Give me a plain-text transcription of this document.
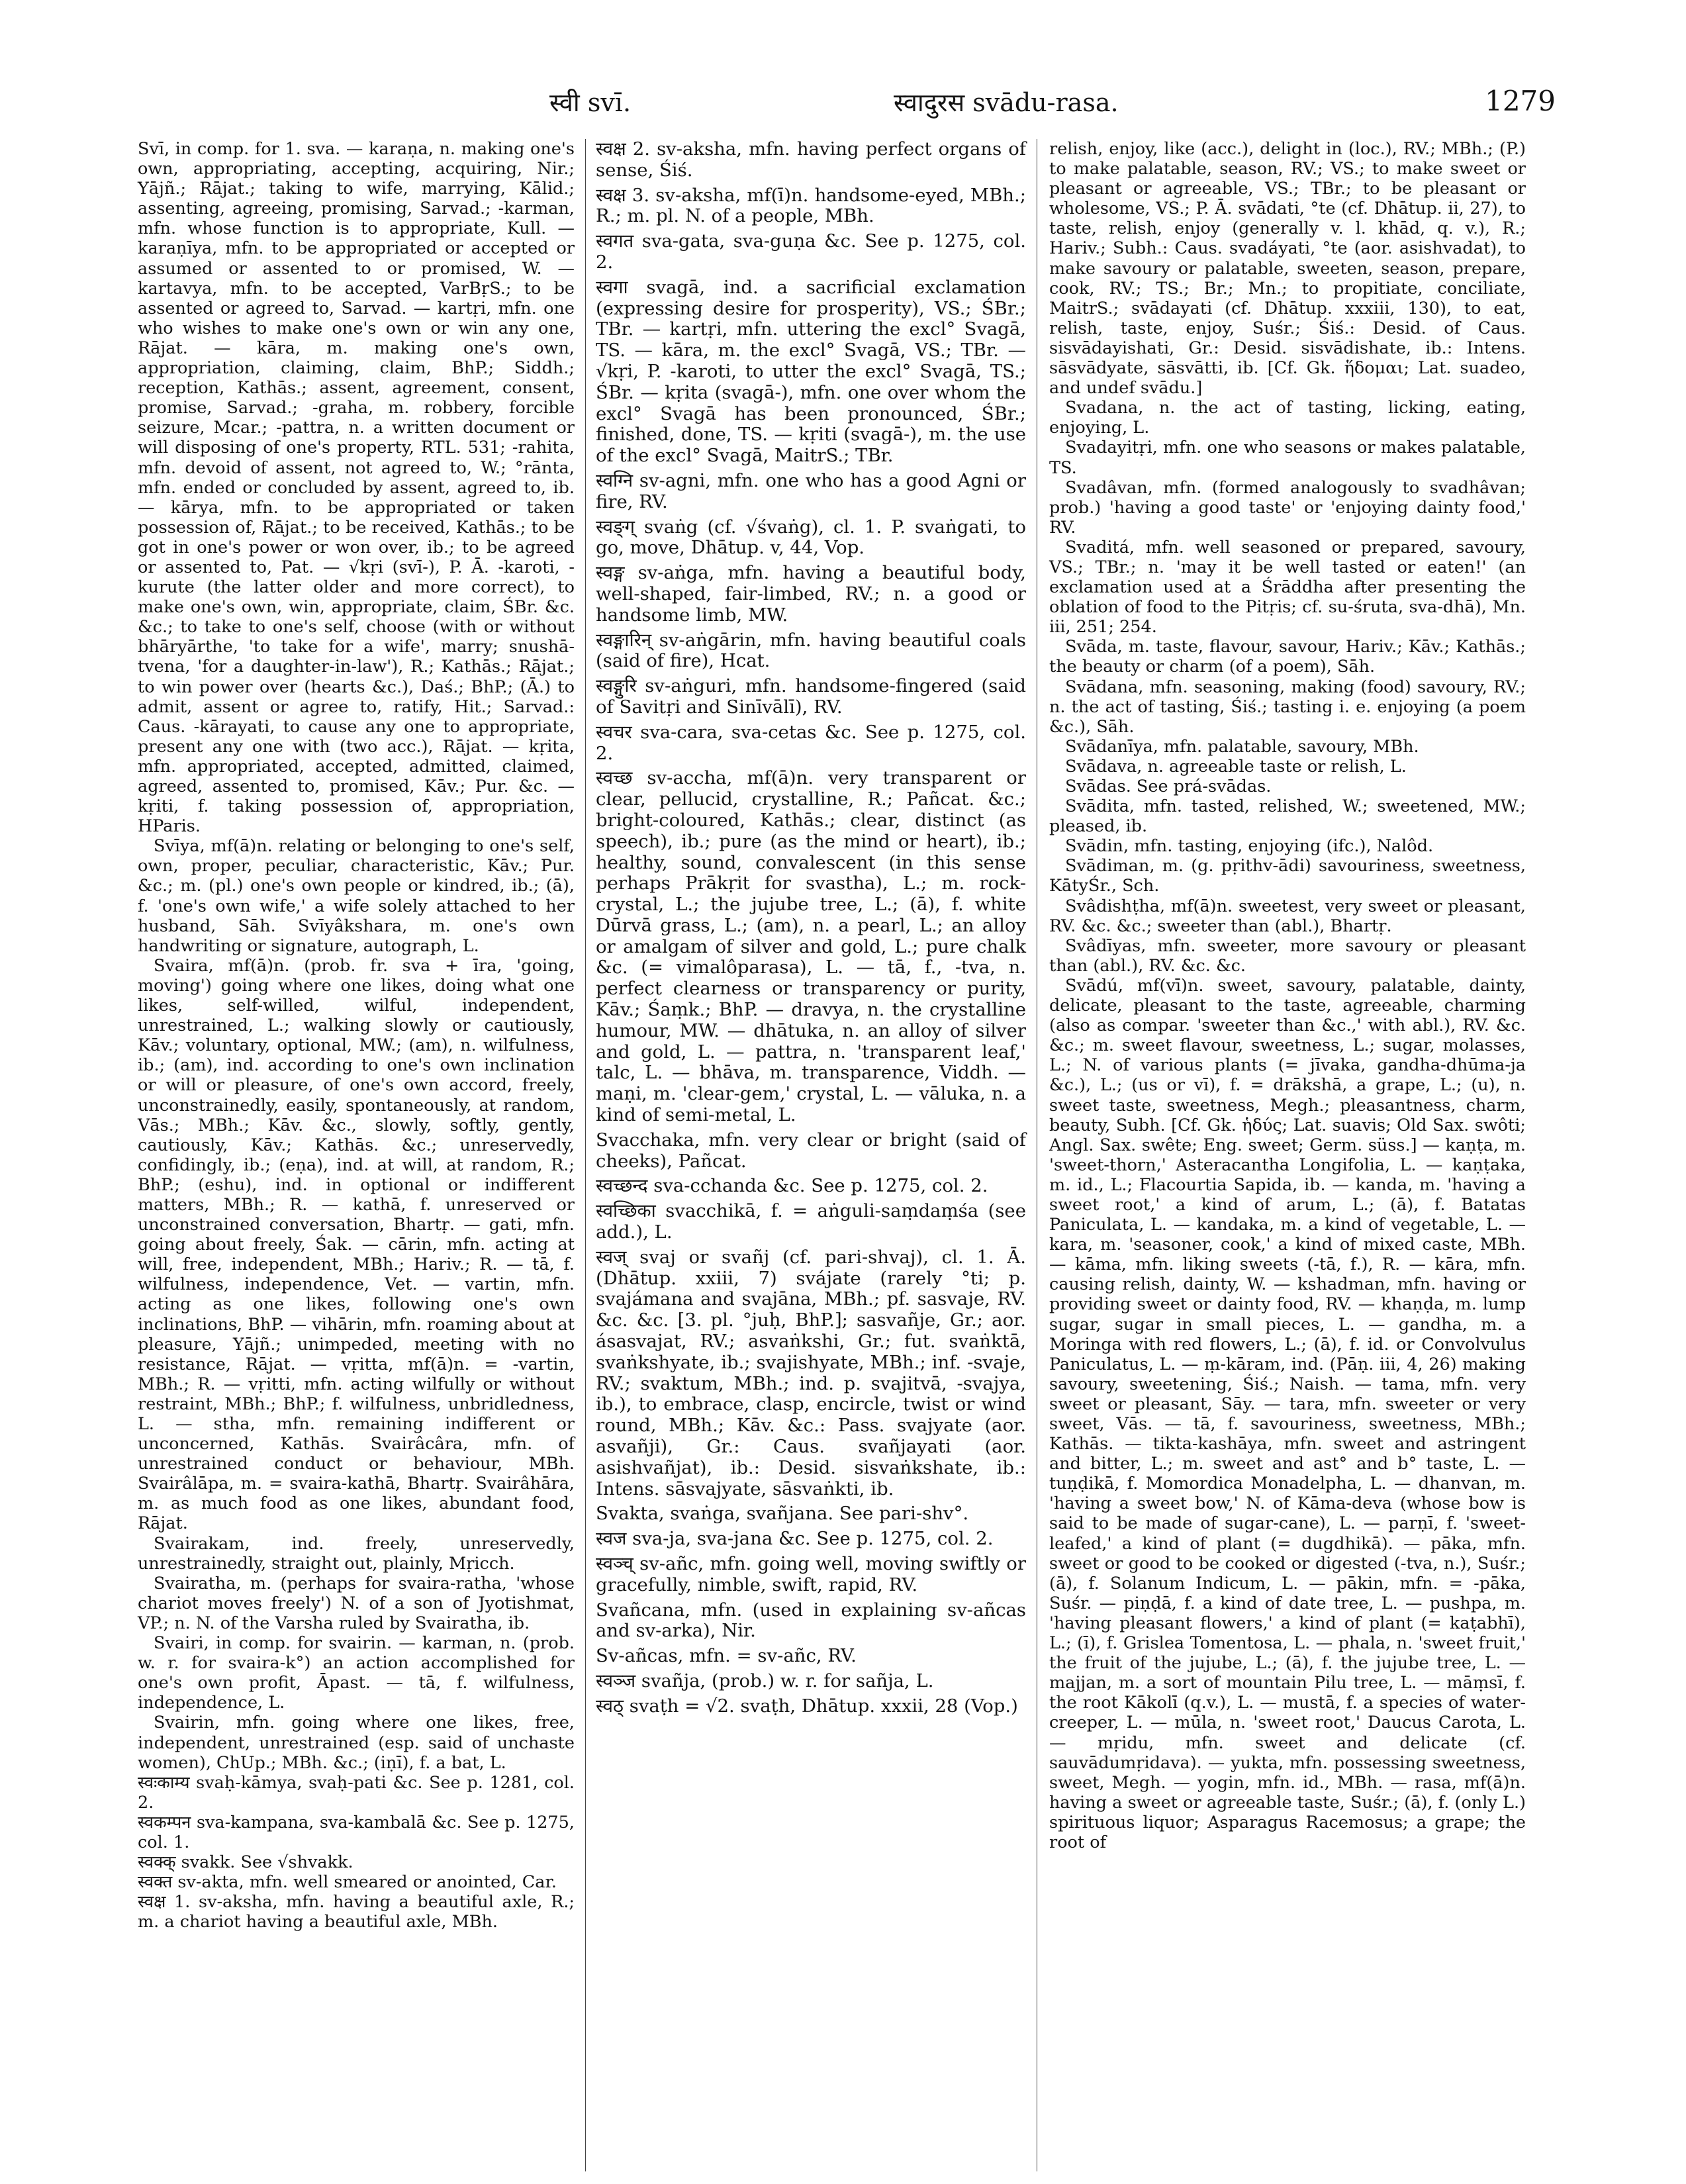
स्वी svī.	स्वादुरस svādu-rasa.	1279

Svī, in comp. for 1. sva. — karaṇa, n. making one's own, appropriating, accepting, acquiring, Nir.; Yājñ.; Rājat.; taking to wife, marrying, Kālid.; assenting, agreeing, promising, Sarvad.; -karman, mfn. whose function is to appropriate, Kull. — karaṇīya, mfn. to be appropriated or accepted or assumed or assented to or promised, W. — kartavya, mfn. to be accepted, VarBṛS.; to be assented or agreed to, Sarvad. — kartṛi, mfn. one who wishes to make one's own or win any one, Rājat. — kāra, m. making one's own, appropriation, claiming, claim, BhP.; Siddh.; reception, Kathās.; assent, agreement, consent, promise, Sarvad.; -graha, m. robbery, forcible seizure, Mcar.; -pattra, n. a written document or will disposing of one's property, RTL. 531; -rahita, mfn. devoid of assent, not agreed to, W.; °rānta, mfn. ended or concluded by assent, agreed to, ib. — kārya, mfn. to be appropriated or taken possession of, Rājat.; to be received, Kathās.; to be got in one's power or won over, ib.; to be agreed or assented to, Pat. — √kṛi (svī-), P. Ā. -karoti, -kurute (the latter older and more correct), to make one's own, win, appropriate, claim, ŚBr. &c. &c.; to take to one's self, choose (with or without bhāryārthe, 'to take for a wife', marry; snushā-tvena, 'for a daughter-in-law'), R.; Kathās.; Rājat.; to win power over (hearts &c.), Daś.; BhP.; (Ā.) to admit, assent or agree to, ratify, Hit.; Sarvad.: Caus. -kārayati, to cause any one to appropriate, present any one with (two acc.), Rājat. — kṛita, mfn. appropriated, accepted, admitted, claimed, agreed, assented to, promised, Kāv.; Pur. &c. — kṛiti, f. taking possession of, appropriation, HParis.

Svīya, mf(ā)n. relating or belonging to one's self, own, proper, peculiar, characteristic, Kāv.; Pur. &c.; m. (pl.) one's own people or kindred, ib.; (ā), f. 'one's own wife,' a wife solely attached to her husband, Sāh. Svīyâkshara, m. one's own handwriting or signature, autograph, L.

Svaira, mf(ā)n. (prob. fr. sva + īra, 'going, moving') going where one likes, doing what one likes, self-willed, wilful, independent, unrestrained, L.; walking slowly or cautiously, Kāv.; voluntary, optional, MW.; (am), n. wilfulness, ib.; (am), ind. according to one's own inclination or will or pleasure, of one's own accord, freely, unconstrainedly, easily, spontaneously, at random, Vās.; MBh.; Kāv. &c., slowly, softly, gently, cautiously, Kāv.; Kathās. &c.; unreservedly, confidingly, ib.; (eṇa), ind. at will, at random, R.; BhP.; (eshu), ind. in optional or indifferent matters, MBh.; R. — kathā, f. unreserved or unconstrained conversation, Bhartṛ. — gati, mfn. going about freely, Śak. — cārin, mfn. acting at will, free, independent, MBh.; Hariv.; R. — tā, f. wilfulness, independence, Vet. — vartin, mfn. acting as one likes, following one's own inclinations, BhP. — vihārin, mfn. roaming about at pleasure, Yājñ.; unimpeded, meeting with no resistance, Rājat. — vṛitta, mf(ā)n. = -vartin, MBh.; R. — vṛitti, mfn. acting wilfully or without restraint, MBh.; BhP.; f. wilfulness, unbridledness, L. — stha, mfn. remaining indifferent or unconcerned, Kathās. Svairâcâra, mfn. of unrestrained conduct or behaviour, MBh. Svairâlāpa, m. = svaira-kathā, Bhartṛ. Svairâhāra, m. as much food as one likes, abundant food, Rājat.

Svairakam, ind. freely, unreservedly, unrestrainedly, straight out, plainly, Mṛicch.

Svairatha, m. (perhaps for svaira-ratha, 'whose chariot moves freely') N. of a son of Jyotishmat, VP.; n. N. of the Varsha ruled by Svairatha, ib.

Svairi, in comp. for svairin. — karman, n. (prob. w. r. for svaira-k°) an action accomplished for one's own profit, Āpast. — tā, f. wilfulness, independence, L.

Svairin, mfn. going where one likes, free, independent, unrestrained (esp. said of unchaste women), ChUp.; MBh. &c.; (iṇī), f. a bat, L.

स्वःकाम्य svaḥ-kāmya, svaḥ-pati &c. See p. 1281, col. 2.

स्वकम्पन sva-kampana, sva-kambalā &c. See p. 1275, col. 1.

स्वक्क् svakk. See √shvakk.

स्वक्त sv-akta, mfn. well smeared or anointed, Car.

स्वक्ष 1. sv-aksha, mfn. having a beautiful axle, R.; m. a chariot having a beautiful axle, MBh.

स्वक्ष 2. sv-aksha, mfn. having perfect organs of sense, Śiś.

स्वक्ष 3. sv-aksha, mf(ī)n. handsome-eyed, MBh.; R.; m. pl. N. of a people, MBh.

स्वगत sva-gata, sva-guṇa &c. See p. 1275, col. 2.

स्वगा svagā, ind. a sacrificial exclamation (expressing desire for prosperity), VS.; ŚBr.; TBr. — kartṛi, mfn. uttering the excl° Svagā, TS. — kāra, m. the excl° Svagā, VS.; TBr. — √kṛi, P. -karoti, to utter the excl° Svagā, TS.; ŚBr. — kṛita (svagā-), mfn. one over whom the excl° Svagā has been pronounced, ŚBr.; finished, done, TS. — kṛiti (svagā-), m. the use of the excl° Svagā, MaitrS.; TBr.

स्वग्नि sv-agni, mfn. one who has a good Agni or fire, RV.

स्वङ्ग् svaṅg (cf. √śvaṅg), cl. 1. P. svaṅgati, to go, move, Dhātup. v, 44, Vop.

स्वङ्ग sv-aṅga, mfn. having a beautiful body, well-shaped, fair-limbed, RV.; n. a good or handsome limb, MW.

स्वङ्गारिन् sv-aṅgārin, mfn. having beautiful coals (said of fire), Hcat.

स्वङ्गुरि sv-aṅguri, mfn. handsome-fingered (said of Savitṛi and Sinīvālī), RV.

स्वचर sva-cara, sva-cetas &c. See p. 1275, col. 2.

स्वच्छ sv-accha, mf(ā)n. very transparent or clear, pellucid, crystalline, R.; Pañcat. &c.; bright-coloured, Kathās.; clear, distinct (as speech), ib.; pure (as the mind or heart), ib.; healthy, sound, convalescent (in this sense perhaps Prākṛit for svastha), L.; m. rock-crystal, L.; the jujube tree, L.; (ā), f. white Dūrvā grass, L.; (am), n. a pearl, L.; an alloy or amalgam of silver and gold, L.; pure chalk &c. (= vimalôparasa), L. — tā, f., -tva, n. perfect clearness or transparency or purity, Kāv.; Śaṃk.; BhP. — dravya, n. the crystalline humour, MW. — dhātuka, n. an alloy of silver and gold, L. — pattra, n. 'transparent leaf,' talc, L. — bhāva, m. transparence, Viddh. — maṇi, m. 'clear-gem,' crystal, L. — vāluka, n. a kind of semi-metal, L.

Svacchaka, mfn. very clear or bright (said of cheeks), Pañcat.

स्वच्छन्द sva-cchanda &c. See p. 1275, col. 2.

स्वच्छिका svacchikā, f. = aṅguli-saṃdaṃśa (see add.), L.

स्वज् svaj or svañj (cf. pari-shvaj), cl. 1. Ā. (Dhātup. xxiii, 7) svájate (rarely °ti; p. svajámana and svajāna, MBh.; pf. sasvaje, RV. &c. &c. [3. pl. °juḥ, BhP.]; sasvañje, Gr.; aor. ásasvajat, RV.; asvaṅkshi, Gr.; fut. svaṅktā, svaṅkshyate, ib.; svajishyate, MBh.; inf. -svaje, RV.; svaktum, MBh.; ind. p. svajitvā, -svajya, ib.), to embrace, clasp, encircle, twist or wind round, MBh.; Kāv. &c.: Pass. svajyate (aor. asvañji), Gr.: Caus. svañjayati (aor. asishvañjat), ib.: Desid. sisvaṅkshate, ib.: Intens. sāsvajyate, sāsvaṅkti, ib.

Svakta, svaṅga, svañjana. See pari-shv°.

स्वज sva-ja, sva-jana &c. See p. 1275, col. 2.

स्वञ्च् sv-añc, mfn. going well, moving swiftly or gracefully, nimble, swift, rapid, RV.

Svañcana, mfn. (used in explaining sv-añcas and sv-arka), Nir.

Sv-añcas, mfn. = sv-añc, RV.

स्वञ्ज svañja, (prob.) w. r. for sañja, L.

स्वठ् svaṭh = √2. svaṭh, Dhātup. xxxii, 28 (Vop.)

relish, enjoy, like (acc.), delight in (loc.), RV.; MBh.; (P.) to make palatable, season, RV.; VS.; to make sweet or pleasant or agreeable, VS.; TBr.; to be pleasant or wholesome, VS.; P. Ā. svādati, °te (cf. Dhātup. ii, 27), to taste, relish, enjoy (generally v. l. khād, q. v.), R.; Hariv.; Subh.: Caus. svadáyati, °te (aor. asishvadat), to make savoury or palatable, sweeten, season, prepare, cook, RV.; TS.; Br.; Mn.; to propitiate, conciliate, MaitrS.; svādayati (cf. Dhātup. xxxiii, 130), to eat, relish, taste, enjoy, Suśr.; Śiś.: Desid. of Caus. sisvādayishati, Gr.: Desid. sisvādishate, ib.: Intens. sāsvādyate, sāsvātti, ib. [Cf. Gk. ἥδομαι; Lat. suadeo, and undef svādu.]

Svadana, n. the act of tasting, licking, eating, enjoying, L.

Svadayitṛi, mfn. one who seasons or makes palatable, TS.

Svadâvan, mfn. (formed analogously to svadhâvan; prob.) 'having a good taste' or 'enjoying dainty food,' RV.

Svaditá, mfn. well seasoned or prepared, savoury, VS.; TBr.; n. 'may it be well tasted or eaten!' (an exclamation used at a Śrāddha after presenting the oblation of food to the Pitṛis; cf. su-śruta, sva-dhā), Mn. iii, 251; 254.

Svāda, m. taste, flavour, savour, Hariv.; Kāv.; Kathās.; the beauty or charm (of a poem), Sāh.

Svādana, mfn. seasoning, making (food) savoury, RV.; n. the act of tasting, Śiś.; tasting i. e. enjoying (a poem &c.), Sāh.

Svādanīya, mfn. palatable, savoury, MBh.

Svādava, n. agreeable taste or relish, L.

Svādas. See prá-svādas.

Svādita, mfn. tasted, relished, W.; sweetened, MW.; pleased, ib.

Svādin, mfn. tasting, enjoying (ifc.), Nalôd.

Svādiman, m. (g. pṛithv-ādi) savouriness, sweetness, KātyŚr., Sch.

Svâdishṭha, mf(ā)n. sweetest, very sweet or pleasant, RV. &c. &c.; sweeter than (abl.), Bhartṛ.

Svâdīyas, mfn. sweeter, more savoury or pleasant than (abl.), RV. &c. &c.

Svādú, mf(vī)n. sweet, savoury, palatable, dainty, delicate, pleasant to the taste, agreeable, charming (also as compar. 'sweeter than &c.,' with abl.), RV. &c. &c.; m. sweet flavour, sweetness, L.; sugar, molasses, L.; N. of various plants (= jīvaka, gandha-dhūma-ja &c.), L.; (us or vī), f. = drākshā, a grape, L.; (u), n. sweet taste, sweetness, Megh.; pleasantness, charm, beauty, Subh. [Cf. Gk. ἡδύς; Lat. suavis; Old Sax. swôti; Angl. Sax. swête; Eng. sweet; Germ. süss.] — kaṇṭa, m. 'sweet-thorn,' Asteracantha Longifolia, L. — kaṇṭaka, m. id., L.; Flacourtia Sapida, ib. — kanda, m. 'having a sweet root,' a kind of arum, L.; (ā), f. Batatas Paniculata, L. — kandaka, m. a kind of vegetable, L. — kara, m. 'seasoner, cook,' a kind of mixed caste, MBh. — kāma, mfn. liking sweets (-tā, f.), R. — kāra, mfn. causing relish, dainty, W. — kshadman, mfn. having or providing sweet or dainty food, RV. — khaṇḍa, m. lump sugar, sugar in small pieces, L. — gandha, m. a Moringa with red flowers, L.; (ā), f. id. or Convolvulus Paniculatus, L. — ṃ-kāram, ind. (Pāṇ. iii, 4, 26) making savoury, sweetening, Śiś.; Naish. — tama, mfn. very sweet or pleasant, Sāy. — tara, mfn. sweeter or very sweet, Vās. — tā, f. savouriness, sweetness, MBh.; Kathās. — tikta-kashāya, mfn. sweet and astringent and bitter, L.; m. sweet and ast° and b° taste, L. — tuṇḍikā, f. Momordica Monadelpha, L. — dhanvan, m. 'having a sweet bow,' N. of Kāma-deva (whose bow is said to be made of sugar-cane), L. — parṇī, f. 'sweet-leafed,' a kind of plant (= dugdhikā). — pāka, mfn. sweet or good to be cooked or digested (-tva, n.), Suśr.; (ā), f. Solanum Indicum, L. — pākin, mfn. = -pāka, Suśr. — piṇḍā, f. a kind of date tree, L. — pushpa, m. 'having pleasant flowers,' a kind of plant (= kaṭabhī), L.; (ī), f. Grislea Tomentosa, L. — phala, n. 'sweet fruit,' the fruit of the jujube, L.; (ā), f. the jujube tree, L. — majjan, m. a sort of mountain Pilu tree, L. — māṃsī, f. the root Kākolī (q.v.), L. — mustā, f. a species of water-creeper, L. — mūla, n. 'sweet root,' Daucus Carota, L. — mṛidu, mfn. sweet and delicate (cf. sauvādumṛidava). — yukta, mfn. possessing sweetness, sweet, Megh. — yogin, mfn. id., MBh. — rasa, mf(ā)n. having a sweet or agreeable taste, Suśr.; (ā), f. (only L.) spirituous liquor; Asparagus Racemosus; a grape; the root of
